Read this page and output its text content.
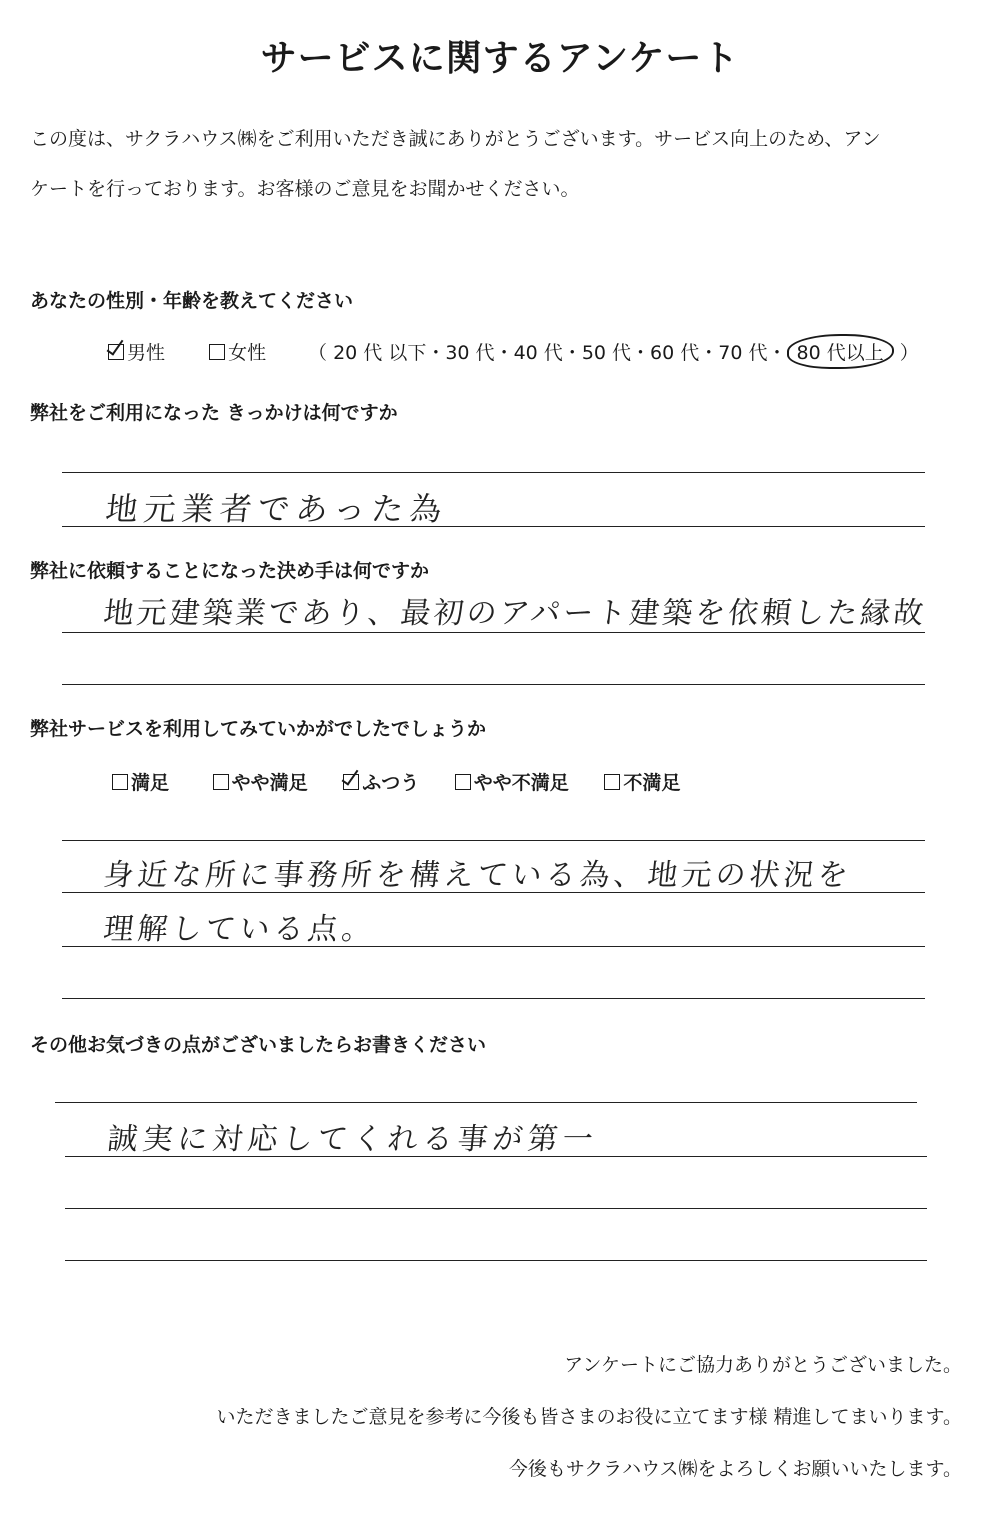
サービスに関するアンケート
この度は、サクラハウス㈱をご利用いただき誠にありがとうございます。サービス向上のため、アン
ケートを行っております。お客様のご意見をお聞かせください。
あなたの性別・年齢を教えてください
男性	女性 （ 20 代 以下・30 代・40 代・50 代・60 代・70 代・ 80 代以上 ）
弊社をご利用になった きっかけは何ですか
地元業者であった為
弊社に依頼することになった決め手は何ですか
地元建築業であり、最初のアパート建築を依頼した縁故
弊社サービスを利用してみていかがでしたでしょうか
満足	やや満足	ふつう	やや不満足	不満足
身近な所に事務所を構えている為、地元の状況を
理解している点。
その他お気づきの点がございましたらお書きください
誠実に対応してくれる事が第一
アンケートにご協力ありがとうございました。
いただきましたご意見を参考に今後も皆さまのお役に立てます様 精進してまいります。
今後もサクラハウス㈱をよろしくお願いいたします。
